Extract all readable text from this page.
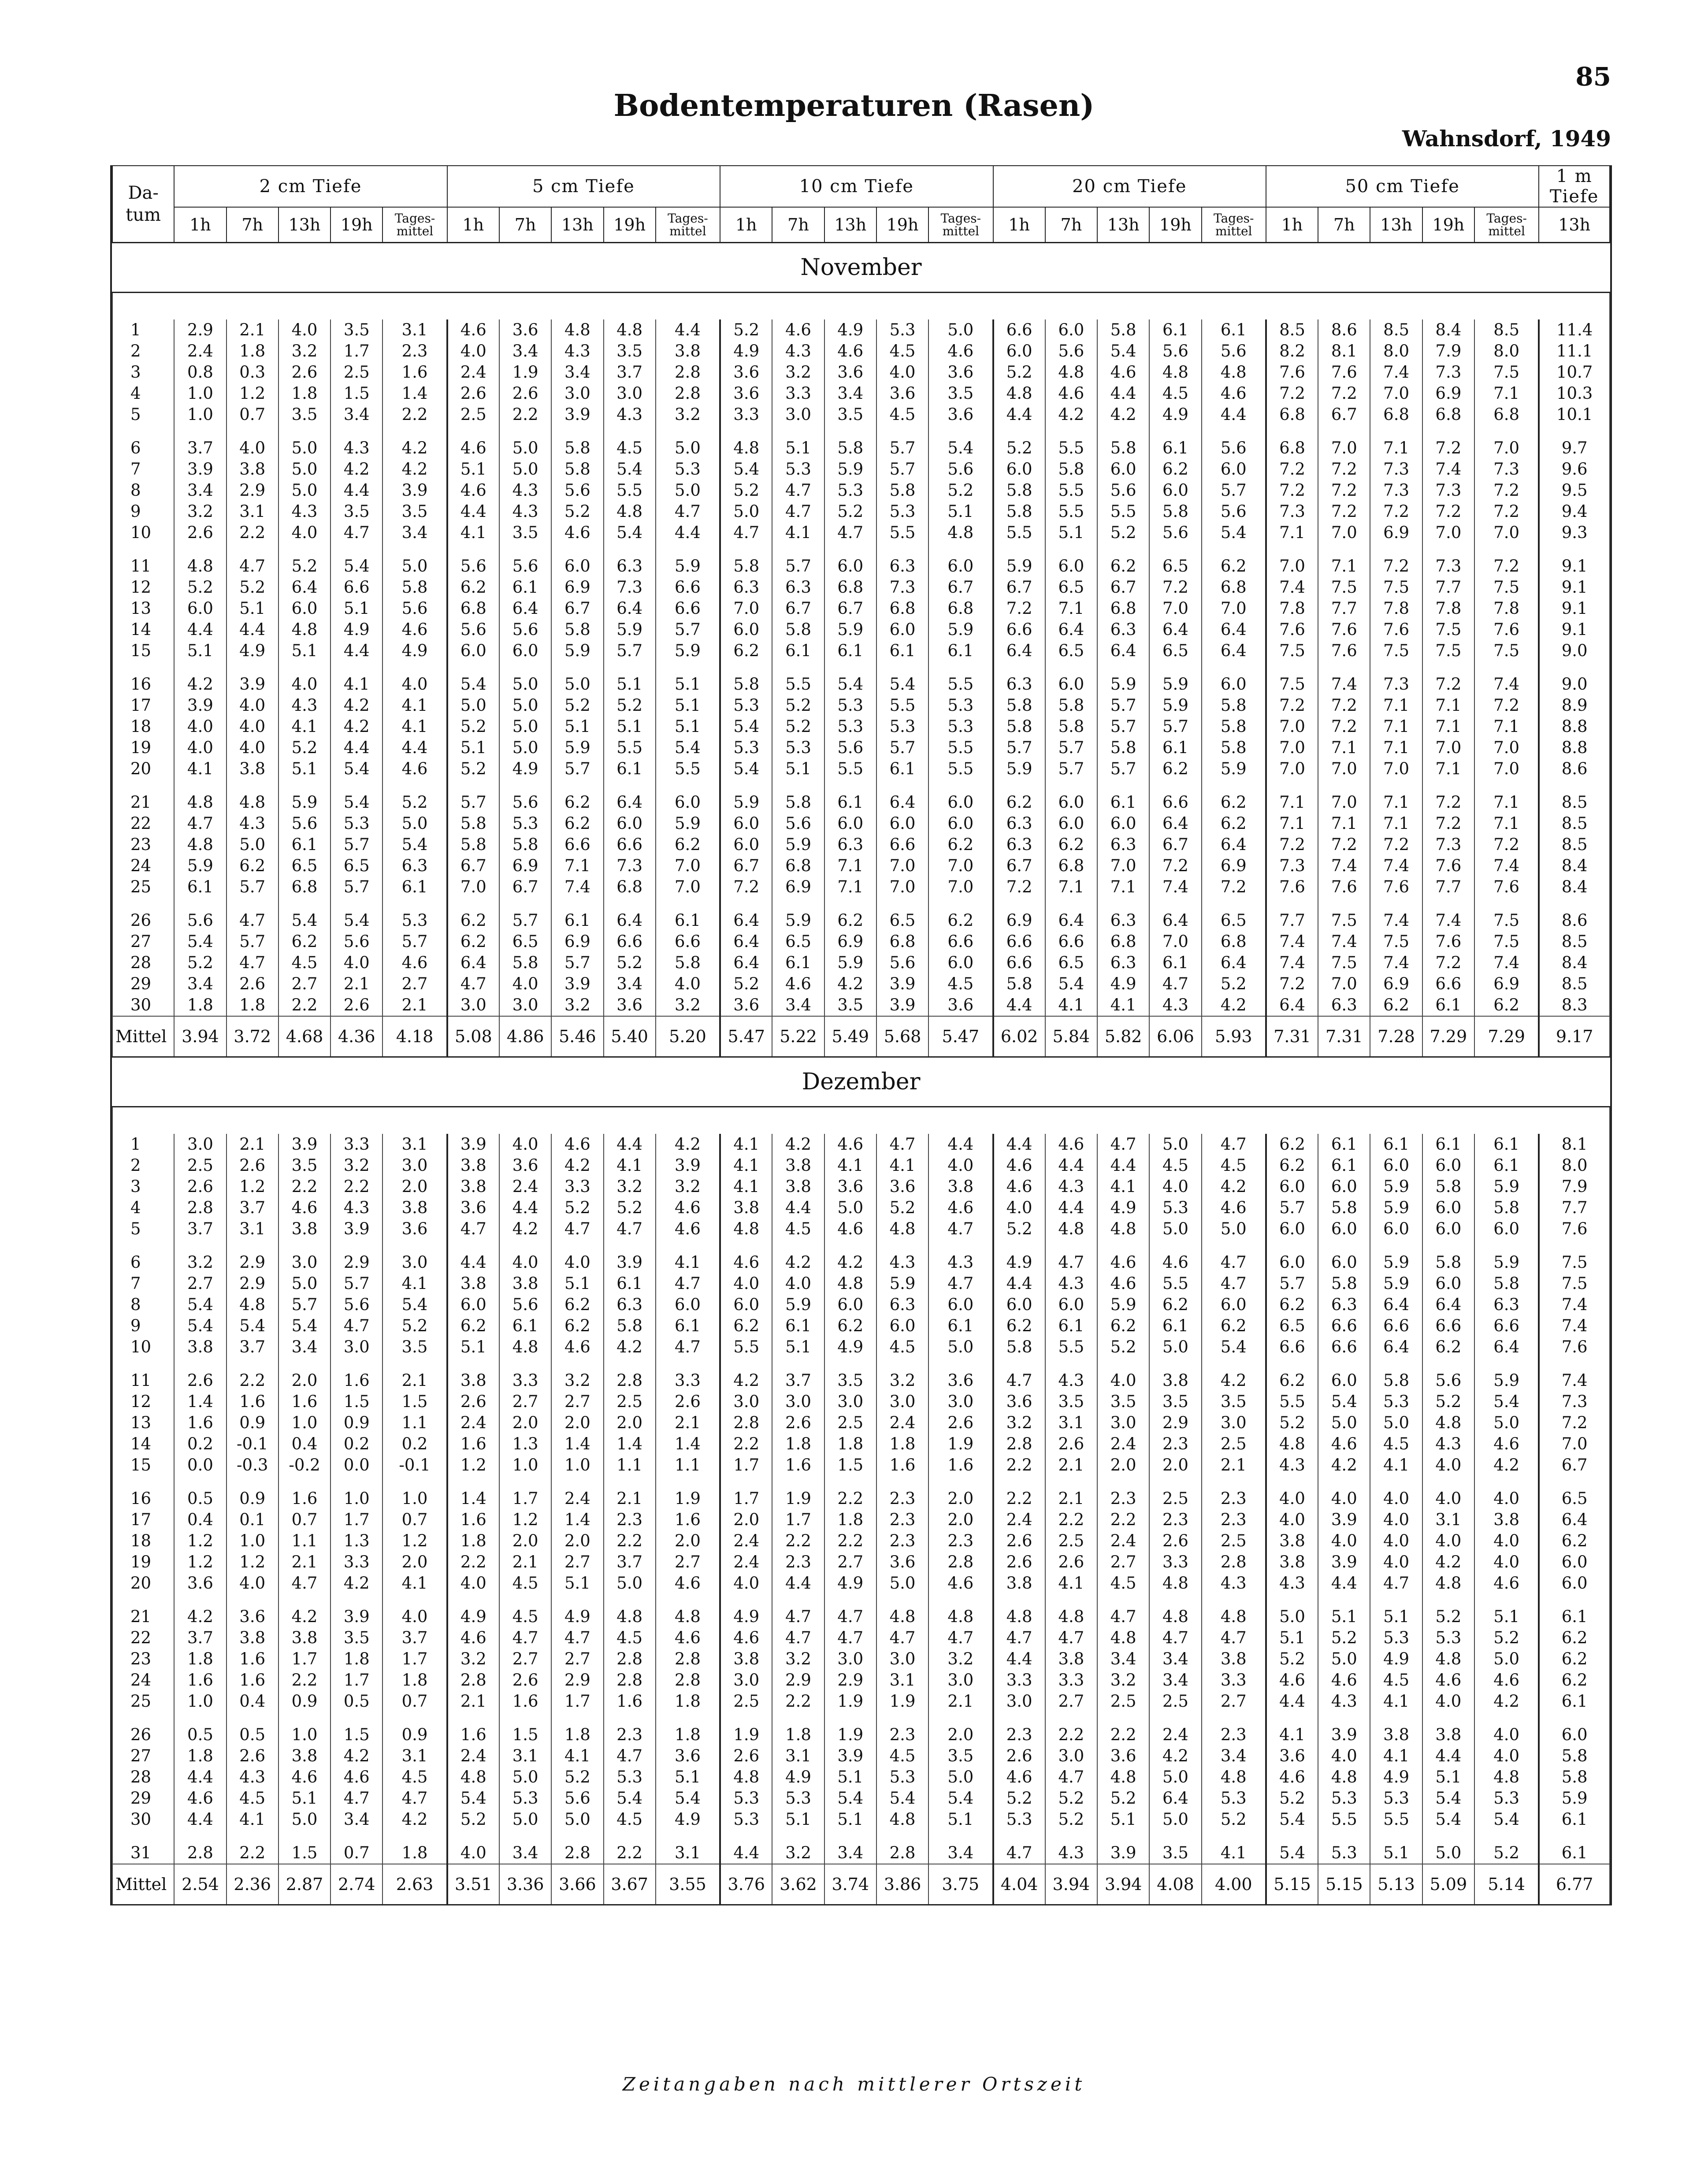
85
Bodentemperaturen (Rasen)
Wahnsdorf, 1949
Da-tum	2 cm Tiefe					5 cm Tiefe					10 cm Tiefe					20 cm Tiefe					50 cm Tiefe					1 m Tiefe
	1h	7h	13h	19h	Tages-mittel	1h	7h	13h	19h	Tages-mittel	1h	7h	13h	19h	Tages-mittel	1h	7h	13h	19h	Tages-mittel	1h	7h	13h	19h	Tages-mittel	13h
November																										

1	2.9	2.1	4.0	3.5	3.1	4.6	3.6	4.8	4.8	4.4	5.2	4.6	4.9	5.3	5.0	6.6	6.0	5.8	6.1	6.1	8.5	8.6	8.5	8.4	8.5	11.4
2	2.4	1.8	3.2	1.7	2.3	4.0	3.4	4.3	3.5	3.8	4.9	4.3	4.6	4.5	4.6	6.0	5.6	5.4	5.6	5.6	8.2	8.1	8.0	7.9	8.0	11.1
3	0.8	0.3	2.6	2.5	1.6	2.4	1.9	3.4	3.7	2.8	3.6	3.2	3.6	4.0	3.6	5.2	4.8	4.6	4.8	4.8	7.6	7.6	7.4	7.3	7.5	10.7
4	1.0	1.2	1.8	1.5	1.4	2.6	2.6	3.0	3.0	2.8	3.6	3.3	3.4	3.6	3.5	4.8	4.6	4.4	4.5	4.6	7.2	7.2	7.0	6.9	7.1	10.3
5	1.0	0.7	3.5	3.4	2.2	2.5	2.2	3.9	4.3	3.2	3.3	3.0	3.5	4.5	3.6	4.4	4.2	4.2	4.9	4.4	6.8	6.7	6.8	6.8	6.8	10.1
6	3.7	4.0	5.0	4.3	4.2	4.6	5.0	5.8	4.5	5.0	4.8	5.1	5.8	5.7	5.4	5.2	5.5	5.8	6.1	5.6	6.8	7.0	7.1	7.2	7.0	9.7
7	3.9	3.8	5.0	4.2	4.2	5.1	5.0	5.8	5.4	5.3	5.4	5.3	5.9	5.7	5.6	6.0	5.8	6.0	6.2	6.0	7.2	7.2	7.3	7.4	7.3	9.6
8	3.4	2.9	5.0	4.4	3.9	4.6	4.3	5.6	5.5	5.0	5.2	4.7	5.3	5.8	5.2	5.8	5.5	5.6	6.0	5.7	7.2	7.2	7.3	7.3	7.2	9.5
9	3.2	3.1	4.3	3.5	3.5	4.4	4.3	5.2	4.8	4.7	5.0	4.7	5.2	5.3	5.1	5.8	5.5	5.5	5.8	5.6	7.3	7.2	7.2	7.2	7.2	9.4
10	2.6	2.2	4.0	4.7	3.4	4.1	3.5	4.6	5.4	4.4	4.7	4.1	4.7	5.5	4.8	5.5	5.1	5.2	5.6	5.4	7.1	7.0	6.9	7.0	7.0	9.3
11	4.8	4.7	5.2	5.4	5.0	5.6	5.6	6.0	6.3	5.9	5.8	5.7	6.0	6.3	6.0	5.9	6.0	6.2	6.5	6.2	7.0	7.1	7.2	7.3	7.2	9.1
12	5.2	5.2	6.4	6.6	5.8	6.2	6.1	6.9	7.3	6.6	6.3	6.3	6.8	7.3	6.7	6.7	6.5	6.7	7.2	6.8	7.4	7.5	7.5	7.7	7.5	9.1
13	6.0	5.1	6.0	5.1	5.6	6.8	6.4	6.7	6.4	6.6	7.0	6.7	6.7	6.8	6.8	7.2	7.1	6.8	7.0	7.0	7.8	7.7	7.8	7.8	7.8	9.1
14	4.4	4.4	4.8	4.9	4.6	5.6	5.6	5.8	5.9	5.7	6.0	5.8	5.9	6.0	5.9	6.6	6.4	6.3	6.4	6.4	7.6	7.6	7.6	7.5	7.6	9.1
15	5.1	4.9	5.1	4.4	4.9	6.0	6.0	5.9	5.7	5.9	6.2	6.1	6.1	6.1	6.1	6.4	6.5	6.4	6.5	6.4	7.5	7.6	7.5	7.5	7.5	9.0
16	4.2	3.9	4.0	4.1	4.0	5.4	5.0	5.0	5.1	5.1	5.8	5.5	5.4	5.4	5.5	6.3	6.0	5.9	5.9	6.0	7.5	7.4	7.3	7.2	7.4	9.0
17	3.9	4.0	4.3	4.2	4.1	5.0	5.0	5.2	5.2	5.1	5.3	5.2	5.3	5.5	5.3	5.8	5.8	5.7	5.9	5.8	7.2	7.2	7.1	7.1	7.2	8.9
18	4.0	4.0	4.1	4.2	4.1	5.2	5.0	5.1	5.1	5.1	5.4	5.2	5.3	5.3	5.3	5.8	5.8	5.7	5.7	5.8	7.0	7.2	7.1	7.1	7.1	8.8
19	4.0	4.0	5.2	4.4	4.4	5.1	5.0	5.9	5.5	5.4	5.3	5.3	5.6	5.7	5.5	5.7	5.7	5.8	6.1	5.8	7.0	7.1	7.1	7.0	7.0	8.8
20	4.1	3.8	5.1	5.4	4.6	5.2	4.9	5.7	6.1	5.5	5.4	5.1	5.5	6.1	5.5	5.9	5.7	5.7	6.2	5.9	7.0	7.0	7.0	7.1	7.0	8.6
21	4.8	4.8	5.9	5.4	5.2	5.7	5.6	6.2	6.4	6.0	5.9	5.8	6.1	6.4	6.0	6.2	6.0	6.1	6.6	6.2	7.1	7.0	7.1	7.2	7.1	8.5
22	4.7	4.3	5.6	5.3	5.0	5.8	5.3	6.2	6.0	5.9	6.0	5.6	6.0	6.0	6.0	6.3	6.0	6.0	6.4	6.2	7.1	7.1	7.1	7.2	7.1	8.5
23	4.8	5.0	6.1	5.7	5.4	5.8	5.8	6.6	6.6	6.2	6.0	5.9	6.3	6.6	6.2	6.3	6.2	6.3	6.7	6.4	7.2	7.2	7.2	7.3	7.2	8.5
24	5.9	6.2	6.5	6.5	6.3	6.7	6.9	7.1	7.3	7.0	6.7	6.8	7.1	7.0	7.0	6.7	6.8	7.0	7.2	6.9	7.3	7.4	7.4	7.6	7.4	8.4
25	6.1	5.7	6.8	5.7	6.1	7.0	6.7	7.4	6.8	7.0	7.2	6.9	7.1	7.0	7.0	7.2	7.1	7.1	7.4	7.2	7.6	7.6	7.6	7.7	7.6	8.4
26	5.6	4.7	5.4	5.4	5.3	6.2	5.7	6.1	6.4	6.1	6.4	5.9	6.2	6.5	6.2	6.9	6.4	6.3	6.4	6.5	7.7	7.5	7.4	7.4	7.5	8.6
27	5.4	5.7	6.2	5.6	5.7	6.2	6.5	6.9	6.6	6.6	6.4	6.5	6.9	6.8	6.6	6.6	6.6	6.8	7.0	6.8	7.4	7.4	7.5	7.6	7.5	8.5
28	5.2	4.7	4.5	4.0	4.6	6.4	5.8	5.7	5.2	5.8	6.4	6.1	5.9	5.6	6.0	6.6	6.5	6.3	6.1	6.4	7.4	7.5	7.4	7.2	7.4	8.4
29	3.4	2.6	2.7	2.1	2.7	4.7	4.0	3.9	3.4	4.0	5.2	4.6	4.2	3.9	4.5	5.8	5.4	4.9	4.7	5.2	7.2	7.0	6.9	6.6	6.9	8.5
30	1.8	1.8	2.2	2.6	2.1	3.0	3.0	3.2	3.6	3.2	3.6	3.4	3.5	3.9	3.6	4.4	4.1	4.1	4.3	4.2	6.4	6.3	6.2	6.1	6.2	8.3
Mittel	3.94	3.72	4.68	4.36	4.18	5.08	4.86	5.46	5.40	5.20	5.47	5.22	5.49	5.68	5.47	6.02	5.84	5.82	6.06	5.93	7.31	7.31	7.28	7.29	7.29	9.17
Dezember																										

1	3.0	2.1	3.9	3.3	3.1	3.9	4.0	4.6	4.4	4.2	4.1	4.2	4.6	4.7	4.4	4.4	4.6	4.7	5.0	4.7	6.2	6.1	6.1	6.1	6.1	8.1
2	2.5	2.6	3.5	3.2	3.0	3.8	3.6	4.2	4.1	3.9	4.1	3.8	4.1	4.1	4.0	4.6	4.4	4.4	4.5	4.5	6.2	6.1	6.0	6.0	6.1	8.0
3	2.6	1.2	2.2	2.2	2.0	3.8	2.4	3.3	3.2	3.2	4.1	3.8	3.6	3.6	3.8	4.6	4.3	4.1	4.0	4.2	6.0	6.0	5.9	5.8	5.9	7.9
4	2.8	3.7	4.6	4.3	3.8	3.6	4.4	5.2	5.2	4.6	3.8	4.4	5.0	5.2	4.6	4.0	4.4	4.9	5.3	4.6	5.7	5.8	5.9	6.0	5.8	7.7
5	3.7	3.1	3.8	3.9	3.6	4.7	4.2	4.7	4.7	4.6	4.8	4.5	4.6	4.8	4.7	5.2	4.8	4.8	5.0	5.0	6.0	6.0	6.0	6.0	6.0	7.6
6	3.2	2.9	3.0	2.9	3.0	4.4	4.0	4.0	3.9	4.1	4.6	4.2	4.2	4.3	4.3	4.9	4.7	4.6	4.6	4.7	6.0	6.0	5.9	5.8	5.9	7.5
7	2.7	2.9	5.0	5.7	4.1	3.8	3.8	5.1	6.1	4.7	4.0	4.0	4.8	5.9	4.7	4.4	4.3	4.6	5.5	4.7	5.7	5.8	5.9	6.0	5.8	7.5
8	5.4	4.8	5.7	5.6	5.4	6.0	5.6	6.2	6.3	6.0	6.0	5.9	6.0	6.3	6.0	6.0	6.0	5.9	6.2	6.0	6.2	6.3	6.4	6.4	6.3	7.4
9	5.4	5.4	5.4	4.7	5.2	6.2	6.1	6.2	5.8	6.1	6.2	6.1	6.2	6.0	6.1	6.2	6.1	6.2	6.1	6.2	6.5	6.6	6.6	6.6	6.6	7.4
10	3.8	3.7	3.4	3.0	3.5	5.1	4.8	4.6	4.2	4.7	5.5	5.1	4.9	4.5	5.0	5.8	5.5	5.2	5.0	5.4	6.6	6.6	6.4	6.2	6.4	7.6
11	2.6	2.2	2.0	1.6	2.1	3.8	3.3	3.2	2.8	3.3	4.2	3.7	3.5	3.2	3.6	4.7	4.3	4.0	3.8	4.2	6.2	6.0	5.8	5.6	5.9	7.4
12	1.4	1.6	1.6	1.5	1.5	2.6	2.7	2.7	2.5	2.6	3.0	3.0	3.0	3.0	3.0	3.6	3.5	3.5	3.5	3.5	5.5	5.4	5.3	5.2	5.4	7.3
13	1.6	0.9	1.0	0.9	1.1	2.4	2.0	2.0	2.0	2.1	2.8	2.6	2.5	2.4	2.6	3.2	3.1	3.0	2.9	3.0	5.2	5.0	5.0	4.8	5.0	7.2
14	0.2	-0.1	0.4	0.2	0.2	1.6	1.3	1.4	1.4	1.4	2.2	1.8	1.8	1.8	1.9	2.8	2.6	2.4	2.3	2.5	4.8	4.6	4.5	4.3	4.6	7.0
15	0.0	-0.3	-0.2	0.0	-0.1	1.2	1.0	1.0	1.1	1.1	1.7	1.6	1.5	1.6	1.6	2.2	2.1	2.0	2.0	2.1	4.3	4.2	4.1	4.0	4.2	6.7
16	0.5	0.9	1.6	1.0	1.0	1.4	1.7	2.4	2.1	1.9	1.7	1.9	2.2	2.3	2.0	2.2	2.1	2.3	2.5	2.3	4.0	4.0	4.0	4.0	4.0	6.5
17	0.4	0.1	0.7	1.7	0.7	1.6	1.2	1.4	2.3	1.6	2.0	1.7	1.8	2.3	2.0	2.4	2.2	2.2	2.3	2.3	4.0	3.9	4.0	3.1	3.8	6.4
18	1.2	1.0	1.1	1.3	1.2	1.8	2.0	2.0	2.2	2.0	2.4	2.2	2.2	2.3	2.3	2.6	2.5	2.4	2.6	2.5	3.8	4.0	4.0	4.0	4.0	6.2
19	1.2	1.2	2.1	3.3	2.0	2.2	2.1	2.7	3.7	2.7	2.4	2.3	2.7	3.6	2.8	2.6	2.6	2.7	3.3	2.8	3.8	3.9	4.0	4.2	4.0	6.0
20	3.6	4.0	4.7	4.2	4.1	4.0	4.5	5.1	5.0	4.6	4.0	4.4	4.9	5.0	4.6	3.8	4.1	4.5	4.8	4.3	4.3	4.4	4.7	4.8	4.6	6.0
21	4.2	3.6	4.2	3.9	4.0	4.9	4.5	4.9	4.8	4.8	4.9	4.7	4.7	4.8	4.8	4.8	4.8	4.7	4.8	4.8	5.0	5.1	5.1	5.2	5.1	6.1
22	3.7	3.8	3.8	3.5	3.7	4.6	4.7	4.7	4.5	4.6	4.6	4.7	4.7	4.7	4.7	4.7	4.7	4.8	4.7	4.7	5.1	5.2	5.3	5.3	5.2	6.2
23	1.8	1.6	1.7	1.8	1.7	3.2	2.7	2.7	2.8	2.8	3.8	3.2	3.0	3.0	3.2	4.4	3.8	3.4	3.4	3.8	5.2	5.0	4.9	4.8	5.0	6.2
24	1.6	1.6	2.2	1.7	1.8	2.8	2.6	2.9	2.8	2.8	3.0	2.9	2.9	3.1	3.0	3.3	3.3	3.2	3.4	3.3	4.6	4.6	4.5	4.6	4.6	6.2
25	1.0	0.4	0.9	0.5	0.7	2.1	1.6	1.7	1.6	1.8	2.5	2.2	1.9	1.9	2.1	3.0	2.7	2.5	2.5	2.7	4.4	4.3	4.1	4.0	4.2	6.1
26	0.5	0.5	1.0	1.5	0.9	1.6	1.5	1.8	2.3	1.8	1.9	1.8	1.9	2.3	2.0	2.3	2.2	2.2	2.4	2.3	4.1	3.9	3.8	3.8	4.0	6.0
27	1.8	2.6	3.8	4.2	3.1	2.4	3.1	4.1	4.7	3.6	2.6	3.1	3.9	4.5	3.5	2.6	3.0	3.6	4.2	3.4	3.6	4.0	4.1	4.4	4.0	5.8
28	4.4	4.3	4.6	4.6	4.5	4.8	5.0	5.2	5.3	5.1	4.8	4.9	5.1	5.3	5.0	4.6	4.7	4.8	5.0	4.8	4.6	4.8	4.9	5.1	4.8	5.8
29	4.6	4.5	5.1	4.7	4.7	5.4	5.3	5.6	5.4	5.4	5.3	5.3	5.4	5.4	5.4	5.2	5.2	5.2	6.4	5.3	5.2	5.3	5.3	5.4	5.3	5.9
30	4.4	4.1	5.0	3.4	4.2	5.2	5.0	5.0	4.5	4.9	5.3	5.1	5.1	4.8	5.1	5.3	5.2	5.1	5.0	5.2	5.4	5.5	5.5	5.4	5.4	6.1
31	2.8	2.2	1.5	0.7	1.8	4.0	3.4	2.8	2.2	3.1	4.4	3.2	3.4	2.8	3.4	4.7	4.3	3.9	3.5	4.1	5.4	5.3	5.1	5.0	5.2	6.1
Mittel	2.54	2.36	2.87	2.74	2.63	3.51	3.36	3.66	3.67	3.55	3.76	3.62	3.74	3.86	3.75	4.04	3.94	3.94	4.08	4.00	5.15	5.15	5.13	5.09	5.14	6.77
Zeitangaben nach mittlerer Ortszeit
